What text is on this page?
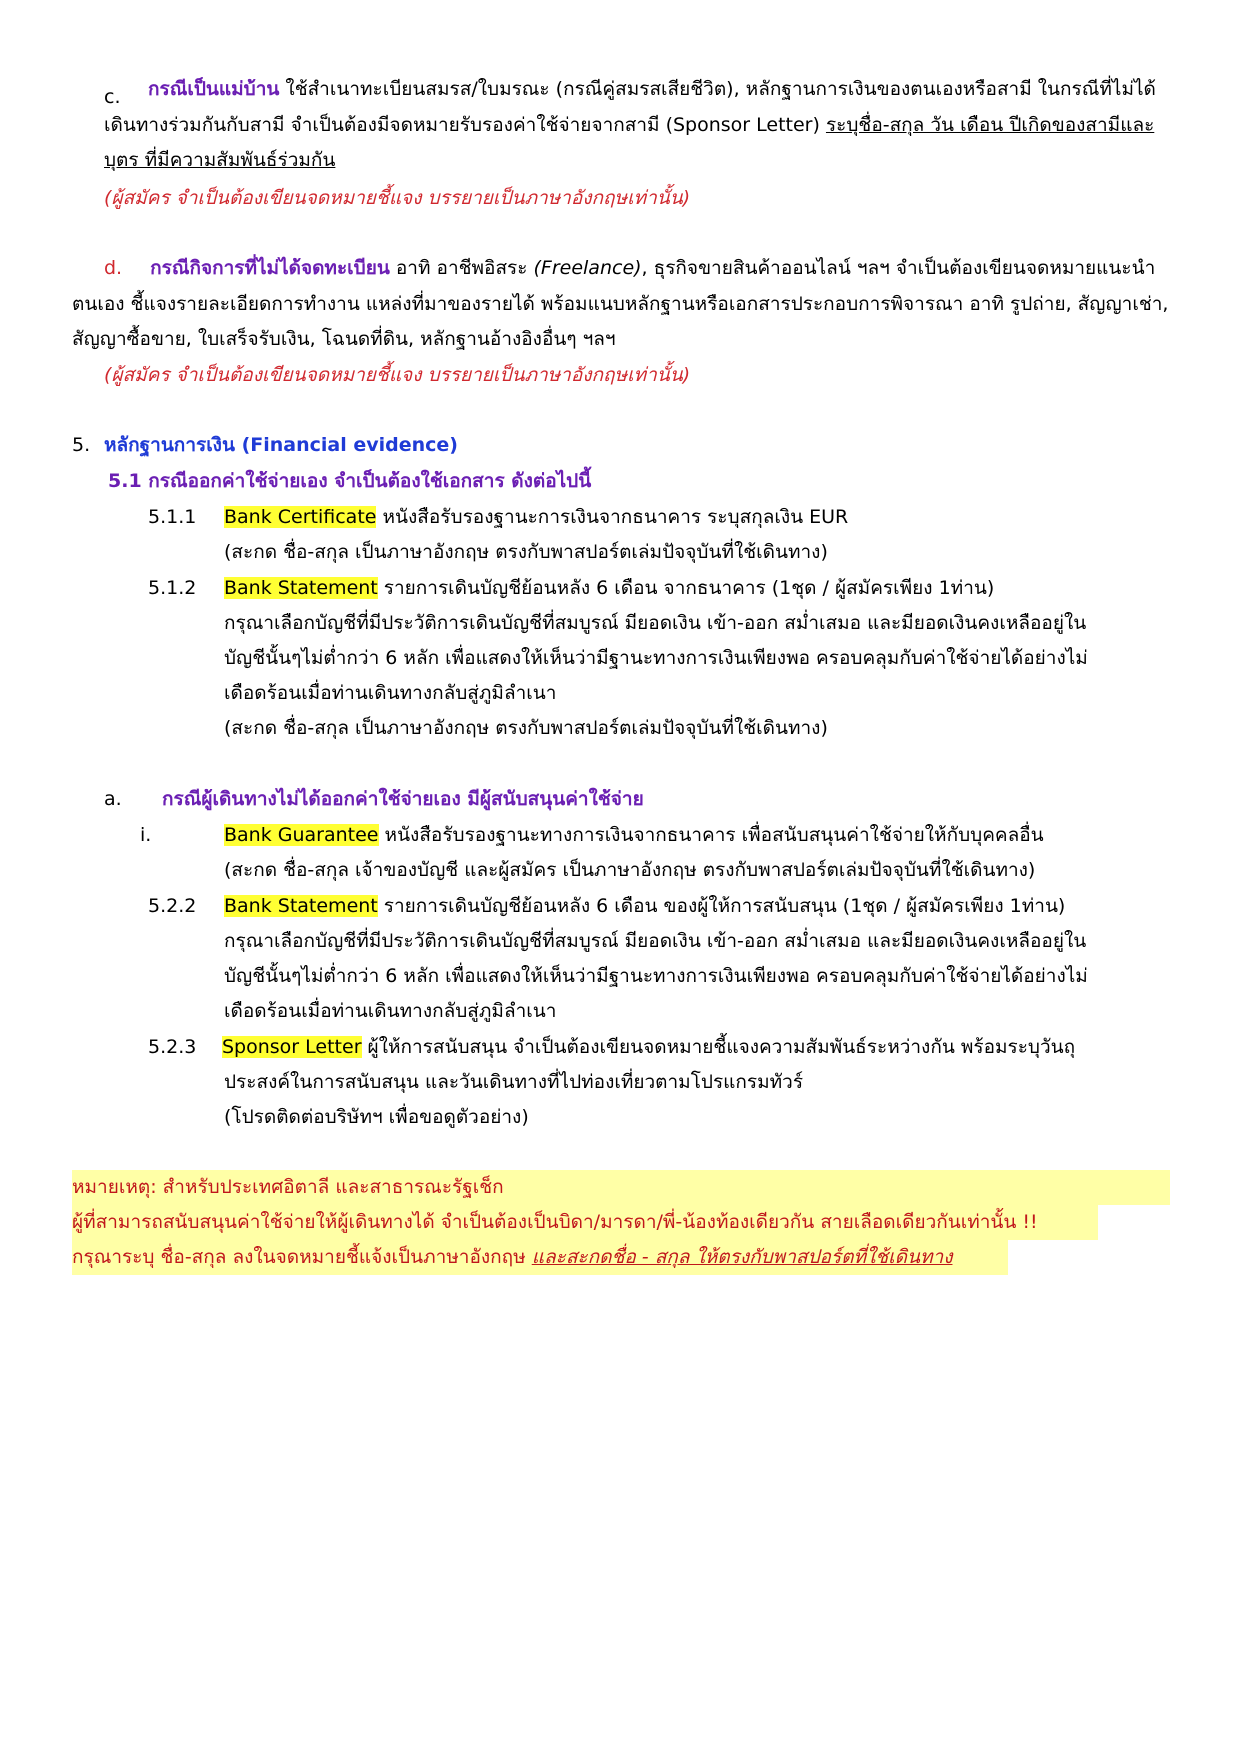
c.	กรณีเป็นแม่บ้าน ใช้สำเนาทะเบียนสมรส/ใบมรณะ (กรณีคู่สมรสเสียชีวิต), หลักฐานการเงินของตนเองหรือสามี ในกรณีที่ไม่ได้เดินทางร่วมกันกับสามี จำเป็นต้องมีจดหมายรับรองค่าใช้จ่ายจากสามี (Sponsor Letter) ระบุชื่อ-สกุล วัน เดือน ปีเกิดของสามีและบุตร ที่มีความสัมพันธ์ร่วมกัน
(ผู้สมัคร จำเป็นต้องเขียนจดหมายชี้แจง บรรยายเป็นภาษาอังกฤษเท่านั้น)
d. กรณีกิจการที่ไม่ได้จดทะเบียน อาทิ อาชีพอิสระ (Freelance), ธุรกิจขายสินค้าออนไลน์ ฯลฯ จำเป็นต้องเขียนจดหมายแนะนำตนเอง ชี้แจงรายละเอียดการทำงาน แหล่งที่มาของรายได้ พร้อมแนบหลักฐานหรือเอกสารประกอบการพิจารณา อาทิ รูปถ่าย, สัญญาเช่า, สัญญาซื้อขาย, ใบเสร็จรับเงิน, โฉนดที่ดิน, หลักฐานอ้างอิงอื่นๆ ฯลฯ
(ผู้สมัคร จำเป็นต้องเขียนจดหมายชี้แจง บรรยายเป็นภาษาอังกฤษเท่านั้น)
5. หลักฐานการเงิน (Financial evidence)
5.1 กรณีออกค่าใช้จ่ายเอง จำเป็นต้องใช้เอกสาร ดังต่อไปนี้
5.1.1 Bank Certificate หนังสือรับรองฐานะการเงินจากธนาคาร ระบุสกุลเงิน EUR
(สะกด ชื่อ-สกุล เป็นภาษาอังกฤษ ตรงกับพาสปอร์ตเล่มปัจจุบันที่ใช้เดินทาง)
5.1.2 Bank Statement รายการเดินบัญชีย้อนหลัง 6 เดือน จากธนาคาร (1ชุด / ผู้สมัครเพียง 1ท่าน)
กรุณาเลือกบัญชีที่มีประวัติการเดินบัญชีที่สมบูรณ์ มียอดเงิน เข้า-ออก สม่ำเสมอ และมียอดเงินคงเหลืออยู่ใน
บัญชีนั้นๆไม่ต่ำกว่า 6 หลัก เพื่อแสดงให้เห็นว่ามีฐานะทางการเงินเพียงพอ ครอบคลุมกับค่าใช้จ่ายได้อย่างไม่
เดือดร้อนเมื่อท่านเดินทางกลับสู่ภูมิลำเนา
(สะกด ชื่อ-สกุล เป็นภาษาอังกฤษ ตรงกับพาสปอร์ตเล่มปัจจุบันที่ใช้เดินทาง)
a. กรณีผู้เดินทางไม่ได้ออกค่าใช้จ่ายเอง มีผู้สนับสนุนค่าใช้จ่าย
i.	Bank Guarantee หนังสือรับรองฐานะทางการเงินจากธนาคาร เพื่อสนับสนุนค่าใช้จ่ายให้กับบุคคลอื่น
(สะกด ชื่อ-สกุล เจ้าของบัญชี และผู้สมัคร เป็นภาษาอังกฤษ ตรงกับพาสปอร์ตเล่มปัจจุบันที่ใช้เดินทาง)
5.2.2 Bank Statement รายการเดินบัญชีย้อนหลัง 6 เดือน ของผู้ให้การสนับสนุน (1ชุด / ผู้สมัครเพียง 1ท่าน)
กรุณาเลือกบัญชีที่มีประวัติการเดินบัญชีที่สมบูรณ์ มียอดเงิน เข้า-ออก สม่ำเสมอ และมียอดเงินคงเหลืออยู่ใน
บัญชีนั้นๆไม่ต่ำกว่า 6 หลัก เพื่อแสดงให้เห็นว่ามีฐานะทางการเงินเพียงพอ ครอบคลุมกับค่าใช้จ่ายได้อย่างไม่
เดือดร้อนเมื่อท่านเดินทางกลับสู่ภูมิลำเนา
5.2.3 Sponsor Letter ผู้ให้การสนับสนุน จำเป็นต้องเขียนจดหมายชี้แจงความสัมพันธ์ระหว่างกัน พร้อมระบุวันถุ
ประสงค์ในการสนับสนุน และวันเดินทางที่ไปท่องเที่ยวตามโปรแกรมทัวร์
(โปรดติดต่อบริษัทฯ เพื่อขอดูตัวอย่าง)
หมายเหตุ: สำหรับประเทศอิตาลี และสาธารณะรัฐเช็ก
ผู้ที่สามารถสนับสนุนค่าใช้จ่ายให้ผู้เดินทางได้ จำเป็นต้องเป็นบิดา/มารดา/พี่-น้องท้องเดียวกัน สายเลือดเดียวกันเท่านั้น !!
กรุณาระบุ ชื่อ-สกุล ลงในจดหมายชี้แจ้งเป็นภาษาอังกฤษ และสะกดชื่อ - สกุล ให้ตรงกับพาสปอร์ตที่ใช้เดินทาง
